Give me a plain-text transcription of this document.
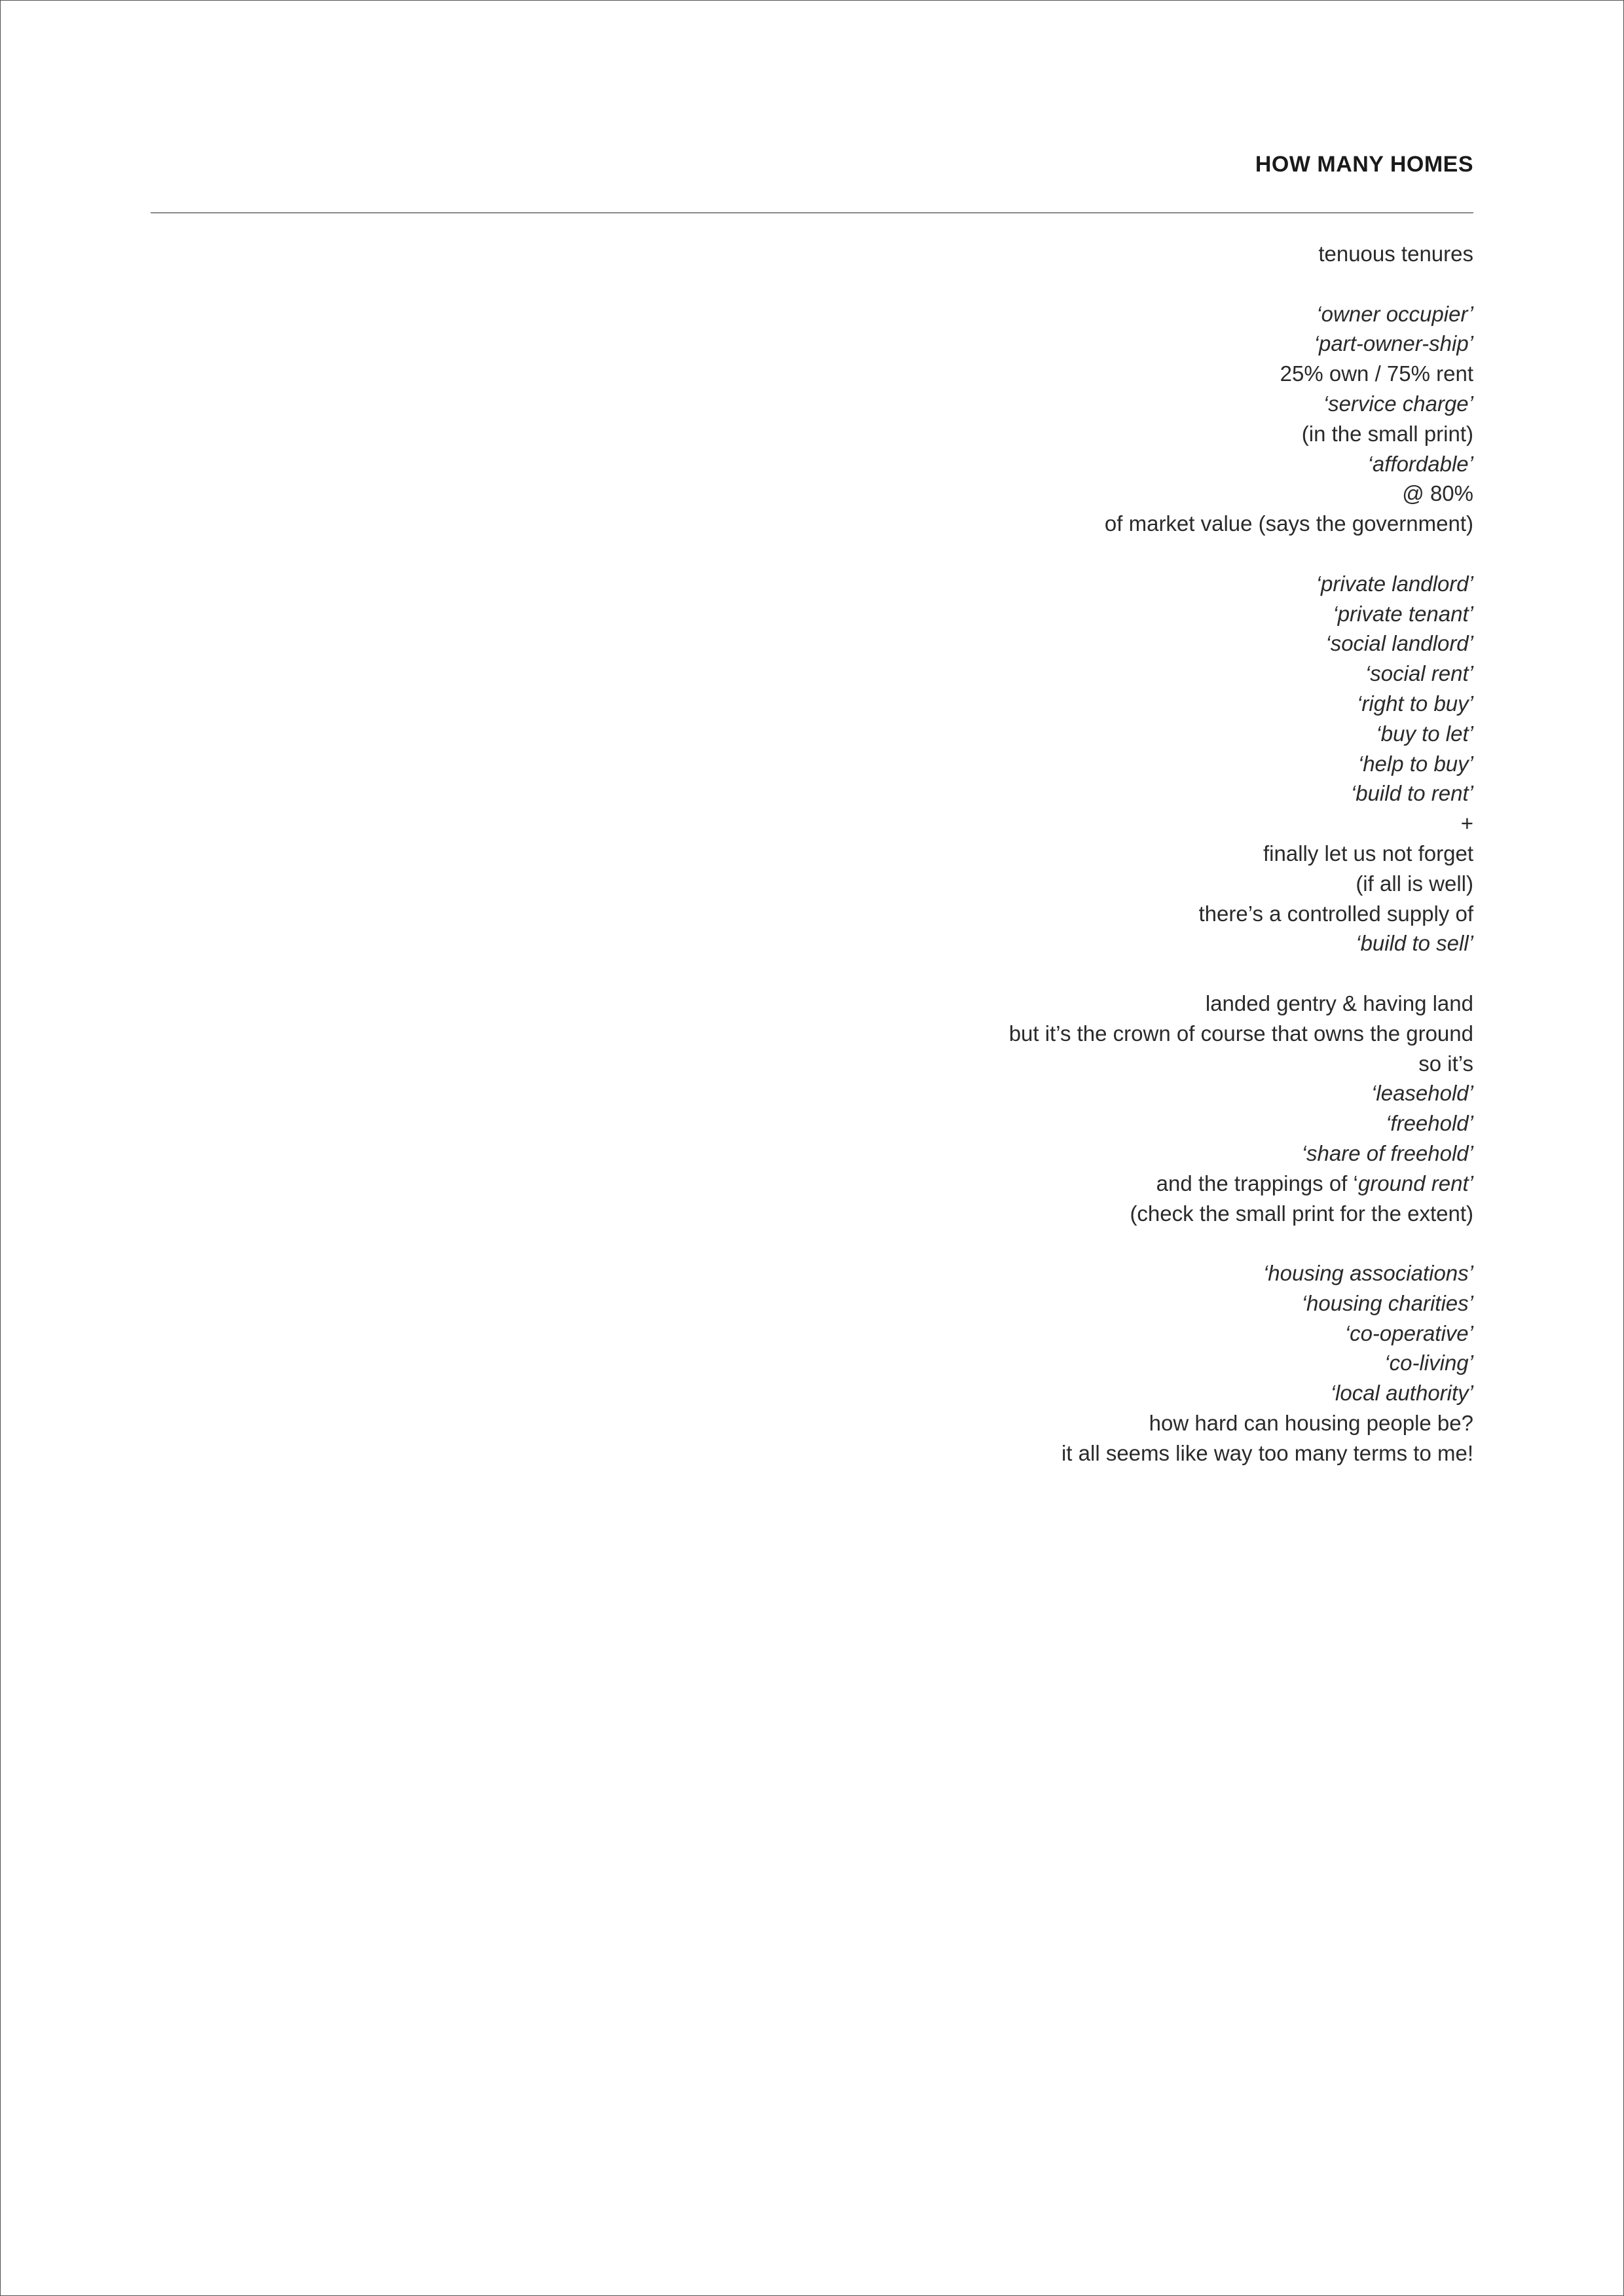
HOW MANY HOMES
tenuous tenures
‘owner occupier’
‘part-owner-ship’
25% own / 75% rent
‘service charge’
(in the small print)
‘affordable’
@ 80%
of market value (says the government)
‘private landlord’
‘private tenant’
‘social landlord’
‘social rent’
‘right to buy’
‘buy to let’
‘help to buy’
‘build to rent’
+
finally let us not forget
(if all is well)
there’s a controlled supply of
‘build to sell’
landed gentry & having land
but it’s the crown of course that owns the ground
so it’s
‘leasehold’
‘freehold’
‘share of freehold’
and the trappings of ‘ground rent’
(check the small print for the extent)
‘housing associations’
‘housing charities’
‘co-operative’
‘co-living’
‘local authority’
how hard can housing people be?
it all seems like way too many terms to me!
